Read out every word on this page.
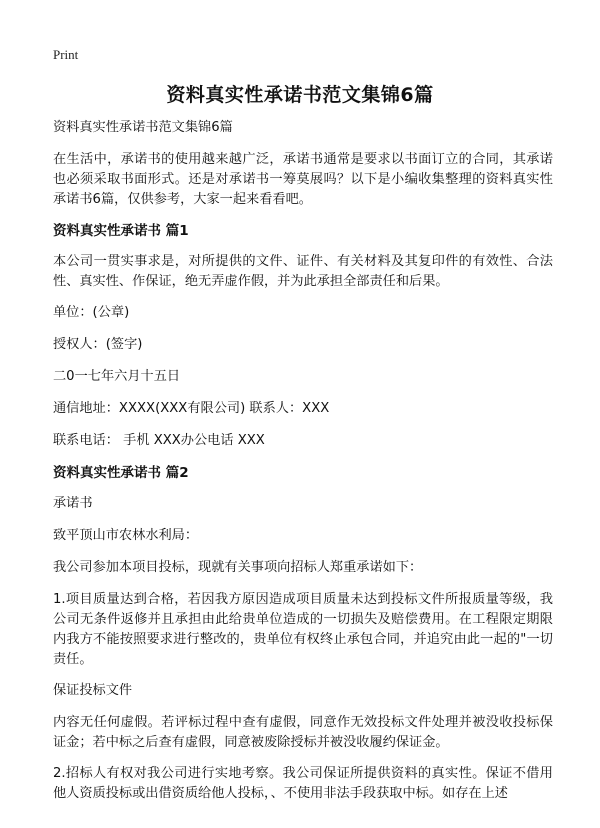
Print
资料真实性承诺书范文集锦6篇
资料真实性承诺书范文集锦6篇
在生活中，承诺书的使用越来越广泛，承诺书通常是要求以书面订立的合同，其承诺也必须采取书面形式。还是对承诺书一筹莫展吗？以下是小编收集整理的资料真实性承诺书6篇，仅供参考，大家一起来看看吧。
资料真实性承诺书 篇1
本公司一贯实事求是，对所提供的文件、证件、有关材料及其复印件的有效性、合法性、真实性、作保证，绝无弄虚作假，并为此承担全部责任和后果。
单位：(公章)
授权人：(签字)
二0一七年六月十五日
通信地址：XXXX(XXX有限公司) 联系人：XXX
联系电话： 手机 XXX办公电话 XXX
资料真实性承诺书 篇2
承诺书
致平顶山市农林水利局：
我公司参加本项目投标，现就有关事项向招标人郑重承诺如下：
1.项目质量达到合格，若因我方原因造成项目质量未达到投标文件所报质量等级，我公司无条件返修并且承担由此给贵单位造成的一切损失及赔偿费用。在工程限定期限内我方不能按照要求进行整改的，贵单位有权终止承包合同，并追究由此一起的"一切责任。
保证投标文件
内容无任何虚假。若评标过程中查有虚假，同意作无效投标文件处理并被没收投标保证金；若中标之后查有虚假，同意被废除授标并被没收履约保证金。
2.招标人有权对我公司进行实地考察。我公司保证所提供资料的真实性。保证不借用他人资质投标或出借资质给他人投标，、不使用非法手段获取中标。如存在上述
